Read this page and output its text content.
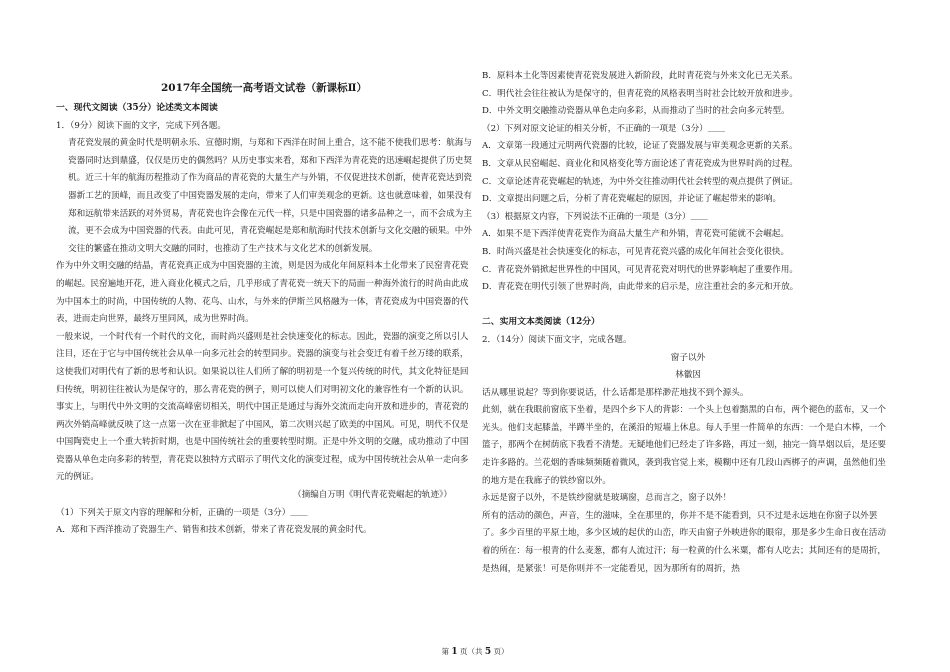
2017年全国统一高考语文试卷（新课标Ⅱ）
一、现代文阅读（35分）论述类文本阅读
1．（9分）阅读下面的文字，完成下列各题。
青花瓷发展的黄金时代是明朝永乐、宣德时期，与郑和下西洋在时间上重合，这不能不使我们思考：航海与瓷器同时达到鼎盛，仅仅是历史的偶然吗？从历史事实来看，郑和下西洋为青花瓷的迅速崛起提供了历史契机。近三十年的航海历程推动了作为商品的青花瓷的大量生产与外销，不仅促进技术创新，使青花瓷达到瓷器新工艺的顶峰，而且改变了中国瓷器发展的走向，带来了人们审美观念的更新。这也就意味着，如果没有郑和远航带来活跃的对外贸易，青花瓷也许会像在元代一样，只是中国瓷器的诸多品种之一，而不会成为主流，更不会成为中国瓷器的代表。由此可见，青花瓷崛起是郑和航海时代技术创新与文化交融的硕果。中外交往的繁盛在推动文明大交融的同时，也推动了生产技术与文化艺术的创新发展。
作为中外文明交融的结晶，青花瓷真正成为中国瓷器的主流，则是因为成化年间原料本土化带来了民窑青花瓷的崛起。民窑遍地开花，进入商业化模式之后，几乎形成了青花瓷一统天下的局面一种海外流行的时尚由此成为中国本土的时尚，中国传统的人物、花鸟、山水，与外来的伊斯兰风格融为一体，青花瓷成为中国瓷器的代表，进而走向世界，最终万里同风，成为世界时尚。
一般来说，一个时代有一个时代的文化，而时尚兴盛则是社会快速变化的标志。因此，瓷器的演变之所以引人注目，还在于它与中国传统社会从单一向多元社会的转型同步。瓷器的演变与社会变迁有着千丝万缕的联系，这使我们对明代有了新的思考和认识。如果说以往人们所了解的明初是一个复兴传统的时代，其文化特征是回归传统，明初往往被认为是保守的，那么青花瓷的例子，则可以使人们对明初文化的兼容性有一个新的认识。事实上，与明代中外文明的交流高峰密切相关，明代中国正是通过与海外交流而走向开放和进步的，青花瓷的两次外销高峰就反映了这一点第一次在亚非掀起了中国风，第二次则兴起了欧美的中国风。可见，明代不仅是中国陶瓷史上一个重大转折时期，也是中国传统社会的重要转型时期。正是中外文明的交融，成功推动了中国瓷器从单色走向多彩的转型，青花瓷以独特方式昭示了明代文化的演变过程，成为中国传统社会从单一走向多元的例证。
（摘编自万明《明代青花瓷崛起的轨迹》）
（1）下列关于原文内容的理解和分析，正确的一项是（3分）＿＿
A．郑和下西洋推动了瓷器生产、销售和技术创新，带来了青花瓷发展的黄金时代。
B．原料本土化等因素使青花瓷发展进入新阶段，此时青花瓷与外来文化已无关系。
C．明代社会往往被认为是保守的，但青花瓷的风格表明当时社会比较开放和进步。
D．中外文明交融推动瓷器从单色走向多彩，从而推动了当时的社会向多元转型。
（2）下列对原文论证的相关分析，不正确的一项是（3分）＿＿
A．文章第一段通过元明两代瓷器的比较，论证了瓷器发展与审美观念更新的关系。
B．文章从民窑崛起、商业化和风格变化等方面论述了青花瓷成为世界时尚的过程。
C．文章论述青花瓷崛起的轨迹，为中外交往推动明代社会转型的观点提供了例证。
D．文章提出问题之后，分析了青花瓷崛起的原因，并论证了崛起带来的影响。
（3）根据原文内容，下列说法不正确的一项是（3分）＿＿
A．如果不是下西洋使青花瓷作为商品大量生产和外销，青花瓷可能就不会崛起。
B．时尚兴盛是社会快速变化的标志，可见青花瓷兴盛的成化年间社会变化很快。
C．青花瓷外销掀起世界性的中国风，可见青花瓷对明代的世界影响起了重要作用。
D．青花瓷在明代引领了世界时尚，由此带来的启示是，应注重社会的多元和开放。
二、实用文本类阅读（12分）
2．（14分）阅读下面文字，完成各题。
窗子以外
林徽因
话从哪里说起？等到你要说话，什么话都是那样渺茫地找不到个源头。
此刻，就在我眼前窗底下坐着，是四个乡下人的背影：一个头上包着黯黑的白布，两个褪色的蓝布，又一个光头。他们支起膝盖，半蹲半坐的，在溪沿的短墙上休息。每人手里一件简单的东西：一个是白木棒，一个篮子，那两个在树荫底下我看不清楚。无疑地他们已经走了许多路，再过一刻，抽完一筒旱烟以后，是还要走许多路的。兰花烟的香味频频随着微风，袭到我官觉上来，模糊中还有几段山西梆子的声调，虽然他们坐的地方是在我廊子的铁纱窗以外。
永远是窗子以外，不是铁纱窗就是玻璃窗，总而言之，窗子以外！
所有的活动的颜色，声音，生的滋味，全在那里的，你并不是不能看到，只不过是永远地在你窗子以外罢了。多少百里的平原土地，多少区域的起伏的山峦，昨天由窗子外映进你的眼帘，那是多少生命日夜在活动着的所在：每一根青的什么麦葱，都有人流过汗；每一粒黄的什么米粟，都有人吃去；其间还有的是周折，是热闹，是紧张！可是你则并不一定能看见，因为那所有的周折，热
第 1 页（共 5 页）
